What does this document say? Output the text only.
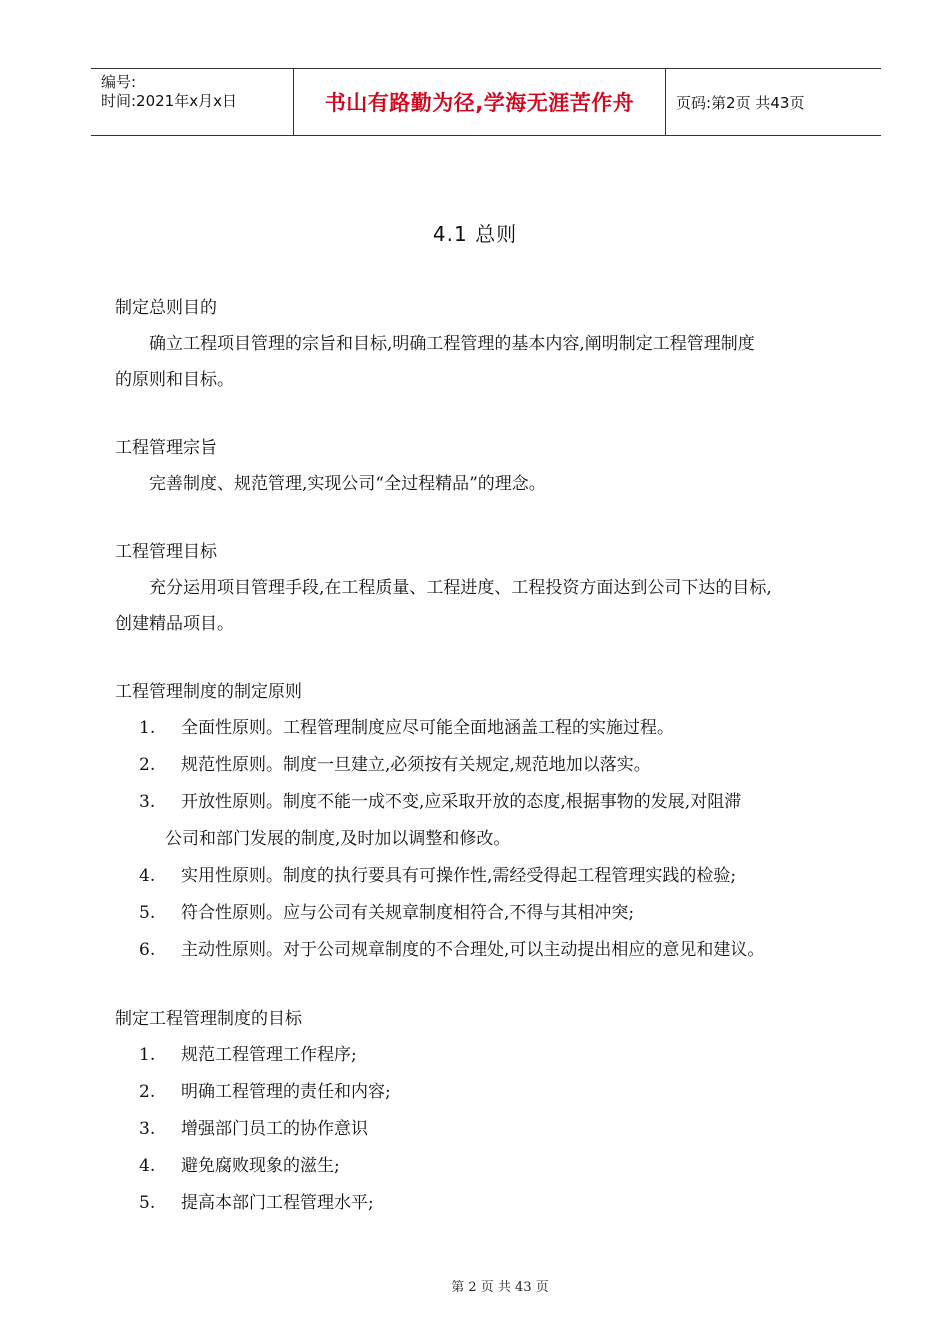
编号:
时间:2021年x月x日	书山有路勤为径,学海无涯苦作舟	页码:第2页 共43页
4.1 总则
制定总则目的
确立工程项目管理的宗旨和目标,明确工程管理的基本内容,阐明制定工程管理制度
的原则和目标。
工程管理宗旨
完善制度、规范管理,实现公司“全过程精品”的理念。
工程管理目标
充分运用项目管理手段,在工程质量、工程进度、工程投资方面达到公司下达的目标,
创建精品项目。
工程管理制度的制定原则
1.	全面性原则。工程管理制度应尽可能全面地涵盖工程的实施过程。
2.	规范性原则。制度一旦建立,必须按有关规定,规范地加以落实。
3.	开放性原则。制度不能一成不变,应采取开放的态度,根据事物的发展,对阻滞
公司和部门发展的制度,及时加以调整和修改。
4.	实用性原则。制度的执行要具有可操作性,需经受得起工程管理实践的检验;
5.	符合性原则。应与公司有关规章制度相符合,不得与其相冲突;
6.	主动性原则。对于公司规章制度的不合理处,可以主动提出相应的意见和建议。
制定工程管理制度的目标
1.	规范工程管理工作程序;
2.	明确工程管理的责任和内容;
3.	增强部门员工的协作意识
4.	避免腐败现象的滋生;
5.	提高本部门工程管理水平;
第 2 页 共 43 页
